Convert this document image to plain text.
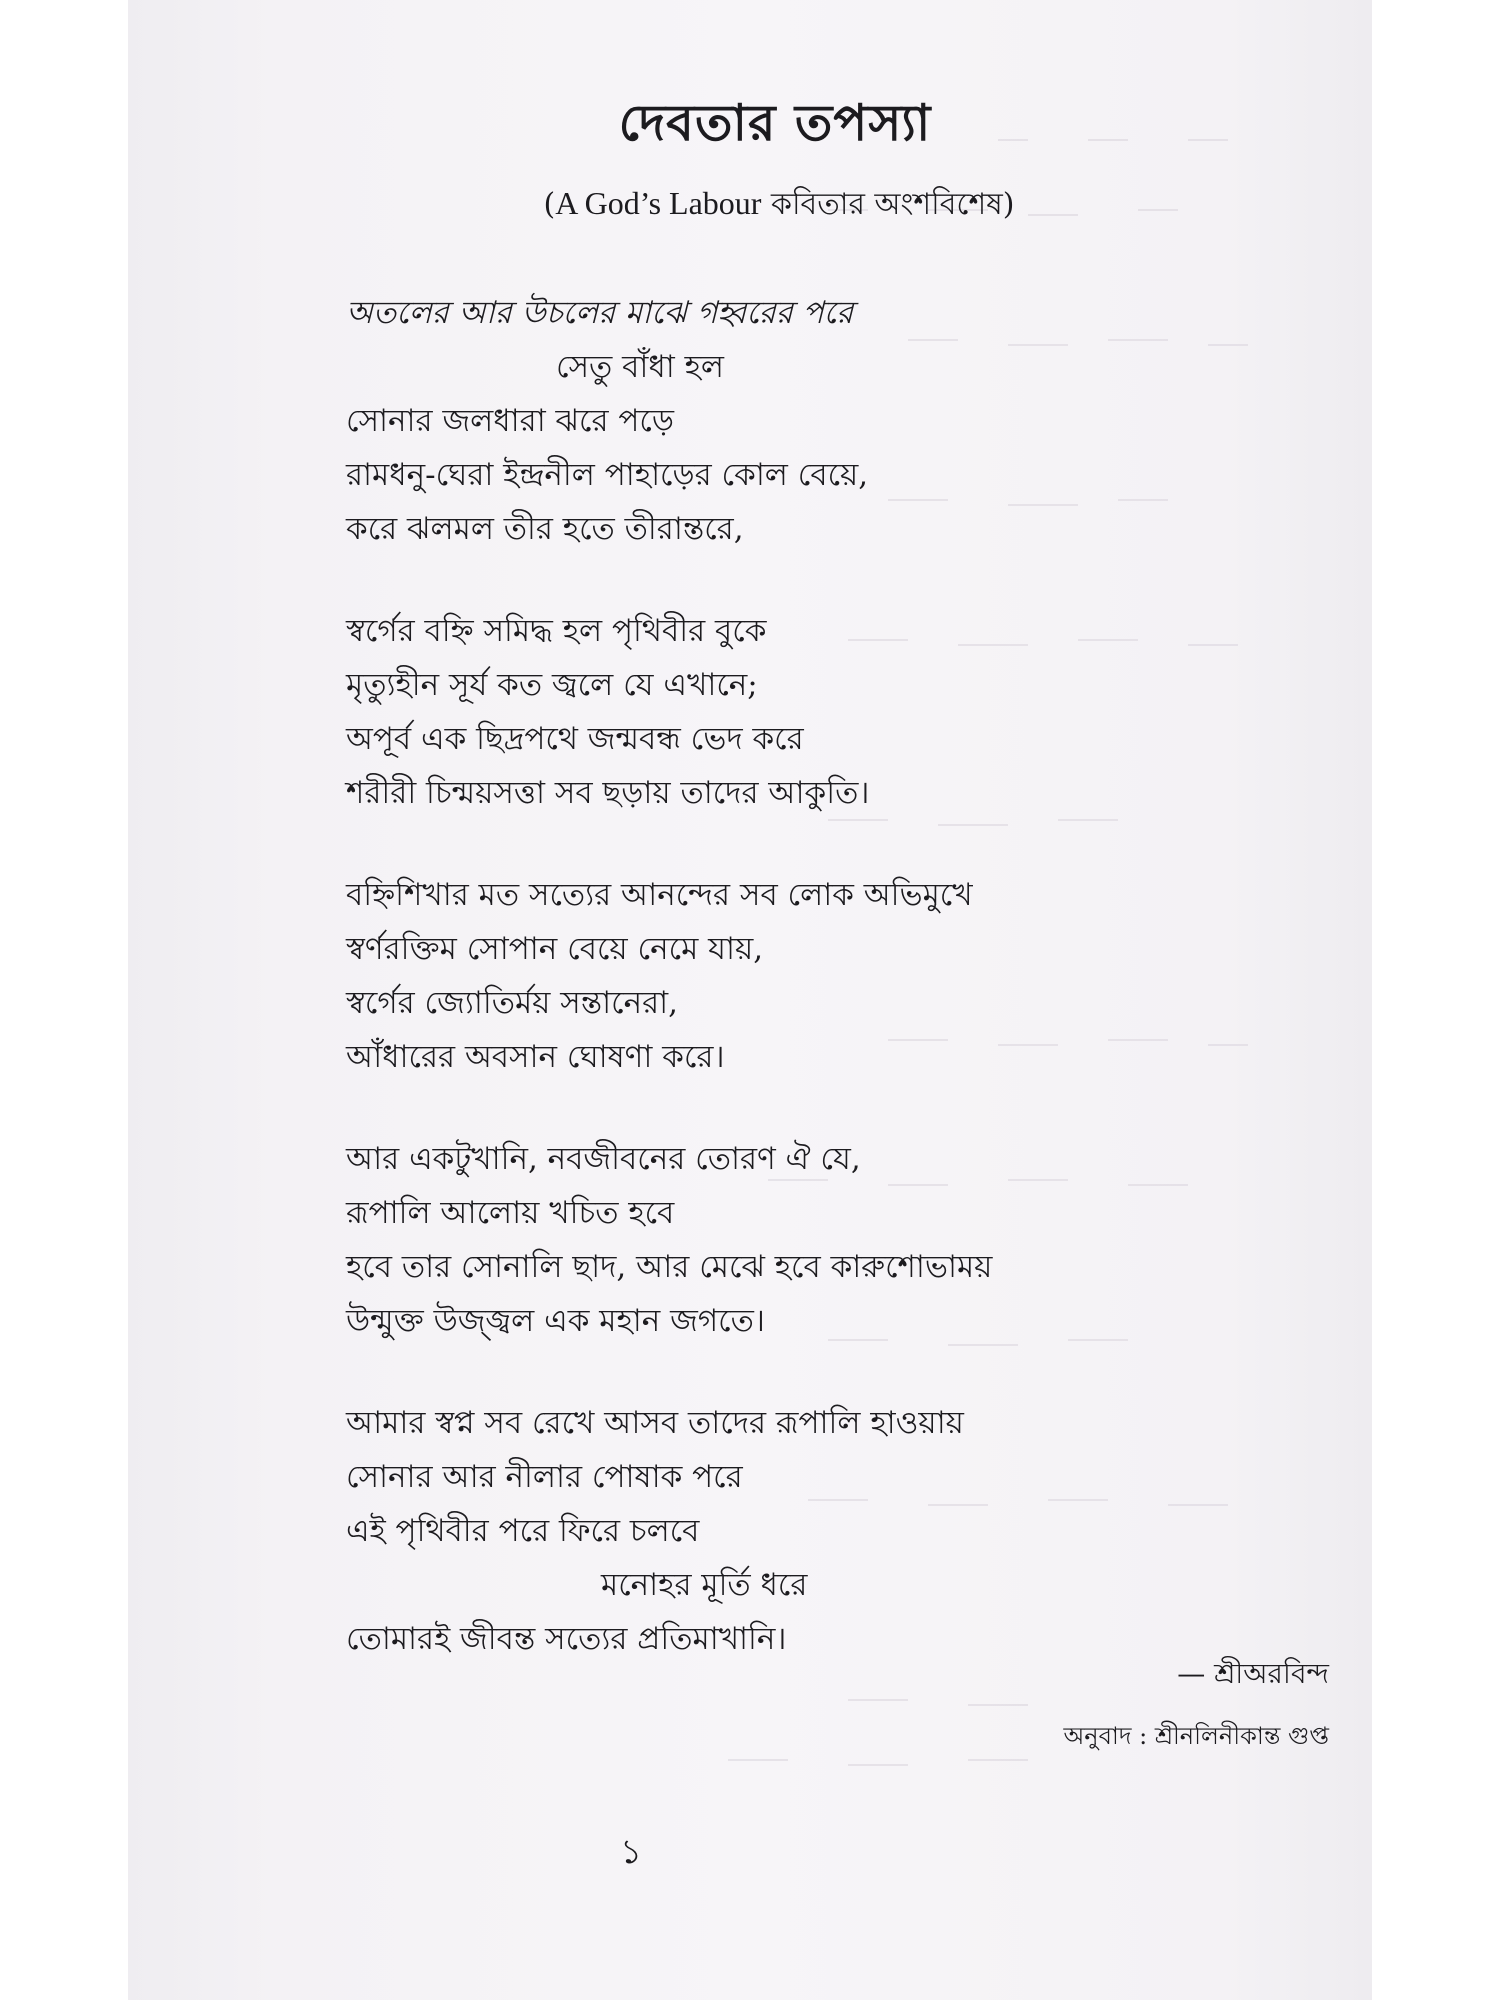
দেবতার তপস্যা
(A God’s Labour কবিতার অংশবিশেষ)
অতলের আর উচলের মাঝে গহ্বরের পরে
সেতু বাঁধা হল
সোনার জলধারা ঝরে পড়ে
রামধনু-ঘেরা ইন্দ্রনীল পাহাড়ের কোল বেয়ে,
করে ঝলমল তীর হতে তীরান্তরে,
স্বর্গের বহ্নি সমিদ্ধ হল পৃথিবীর বুকে
মৃত্যুহীন সূর্য কত জ্বলে যে এখানে;
অপূর্ব এক ছিদ্রপথে জন্মবন্ধ ভেদ করে
শরীরী চিন্ময়সত্তা সব ছড়ায় তাদের আকুতি।
বহ্নিশিখার মত সত্যের আনন্দের সব লোক অভিমুখে
স্বর্ণরক্তিম সোপান বেয়ে নেমে যায়,
স্বর্গের জ্যোতির্ময় সন্তানেরা,
আঁধারের অবসান ঘোষণা করে।
আর একটুখানি, নবজীবনের তোরণ ঐ যে,
রূপালি আলোয় খচিত হবে
হবে তার সোনালি ছাদ, আর মেঝে হবে কারুশোভাময়
উন্মুক্ত উজ্জ্বল এক মহান জগতে।
আমার স্বপ্ন সব রেখে আসব তাদের রূপালি হাওয়ায়
সোনার আর নীলার পোষাক পরে
এই পৃথিবীর পরে ফিরে চলবে
মনোহর মূর্তি ধরে
তোমারই জীবন্ত সত্যের প্রতিমাখানি।
— শ্রীঅরবিন্দ
অনুবাদ : শ্রীনলিনীকান্ত গুপ্ত
১
